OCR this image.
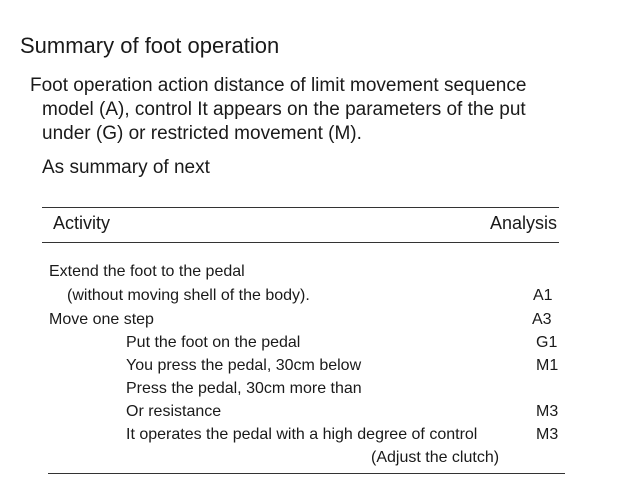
Summary of foot operation
Foot operation action distance of limit movement sequence
model (A), control It appears on the parameters of the put
under (G) or restricted movement (M).
As summary of next
Activity	Analysis
Extend the foot to the pedal
(without moving shell of the body).	A1
Move one step	A3
Put the foot on the pedal	G1
You press the pedal, 30cm below	M1
Press the pedal, 30cm more than
Or resistance	M3
It operates the pedal with a high degree of control	M3
(Adjust the clutch)
